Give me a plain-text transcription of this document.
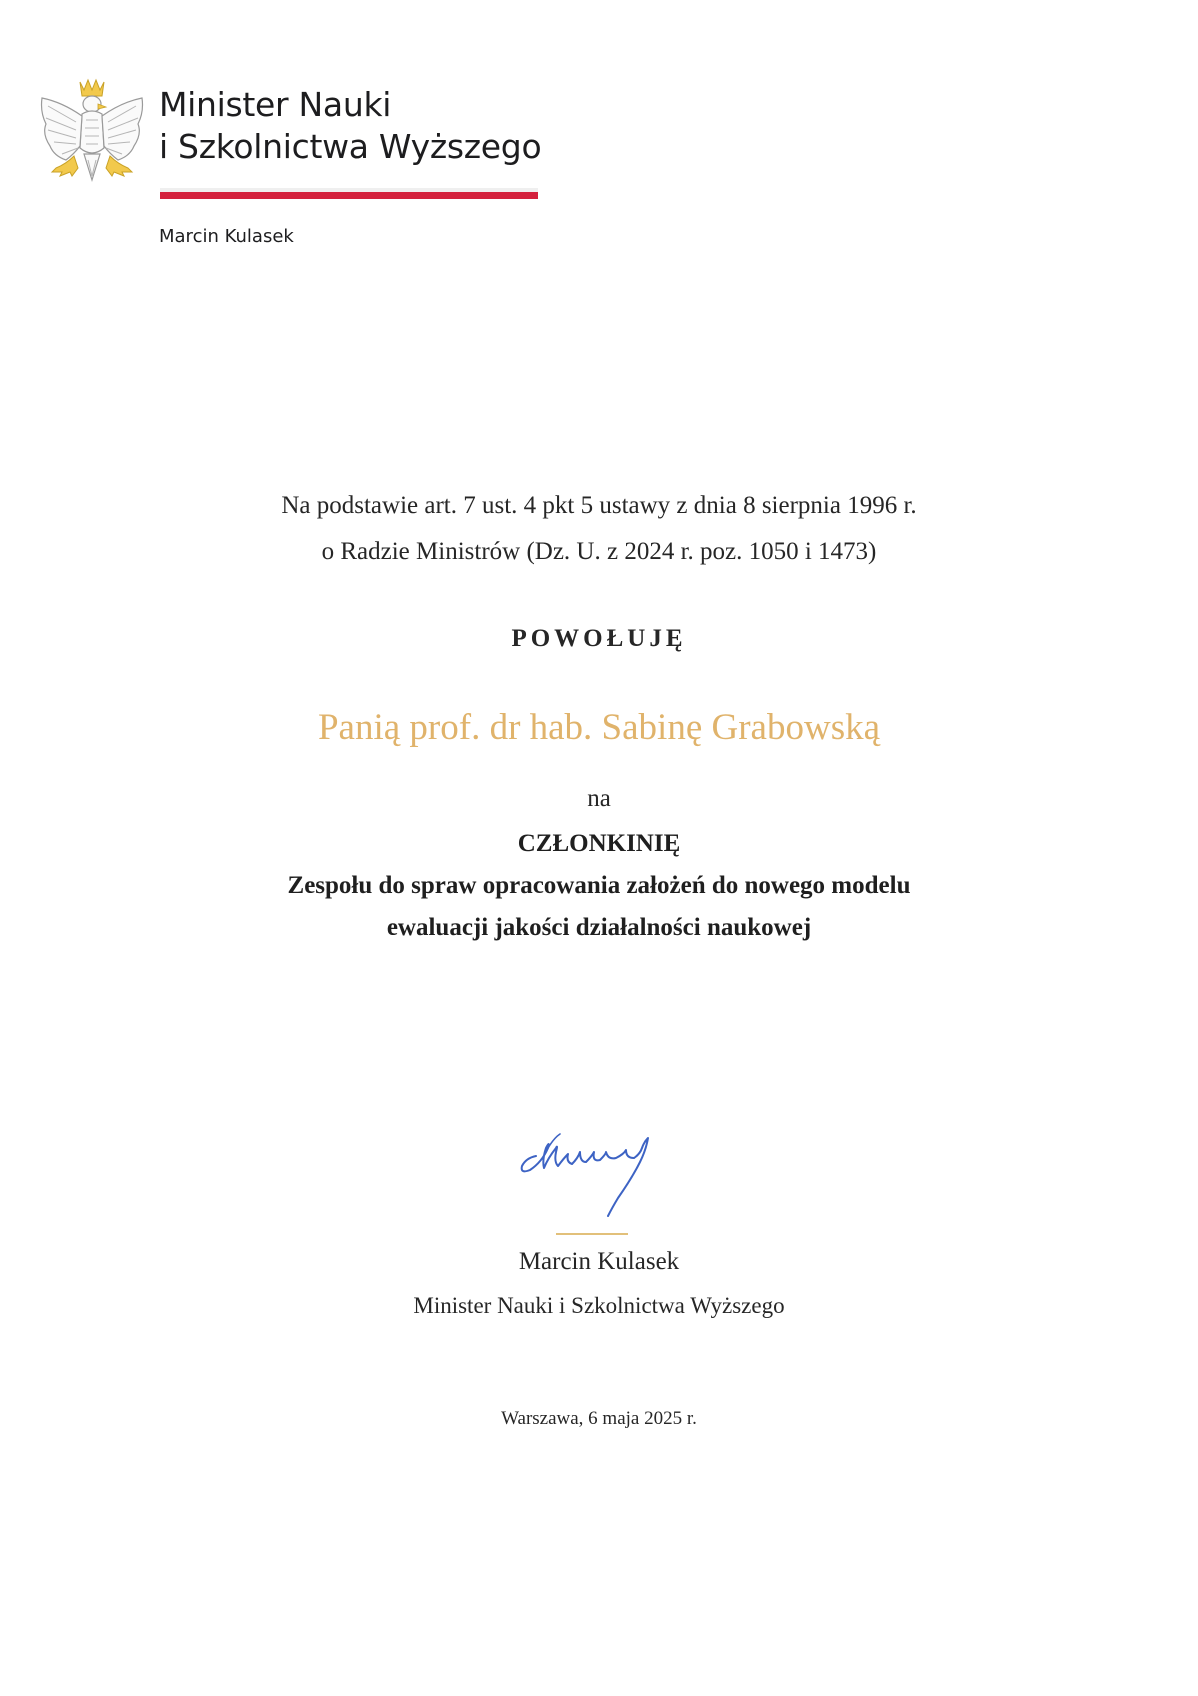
Minister Nauki
i Szkolnictwa Wyższego
Marcin Kulasek
Na podstawie art. 7 ust. 4 pkt 5 ustawy z dnia 8 sierpnia 1996 r.
o Radzie Ministrów (Dz. U. z 2024 r. poz. 1050 i 1473)
POWOŁUJĘ
Panią prof. dr hab. Sabinę Grabowską
na
CZŁONKINIĘ
Zespołu do spraw opracowania założeń do nowego modelu
ewaluacji jakości działalności naukowej
Marcin Kulasek
Minister Nauki i Szkolnictwa Wyższego
Warszawa, 6 maja 2025 r.
